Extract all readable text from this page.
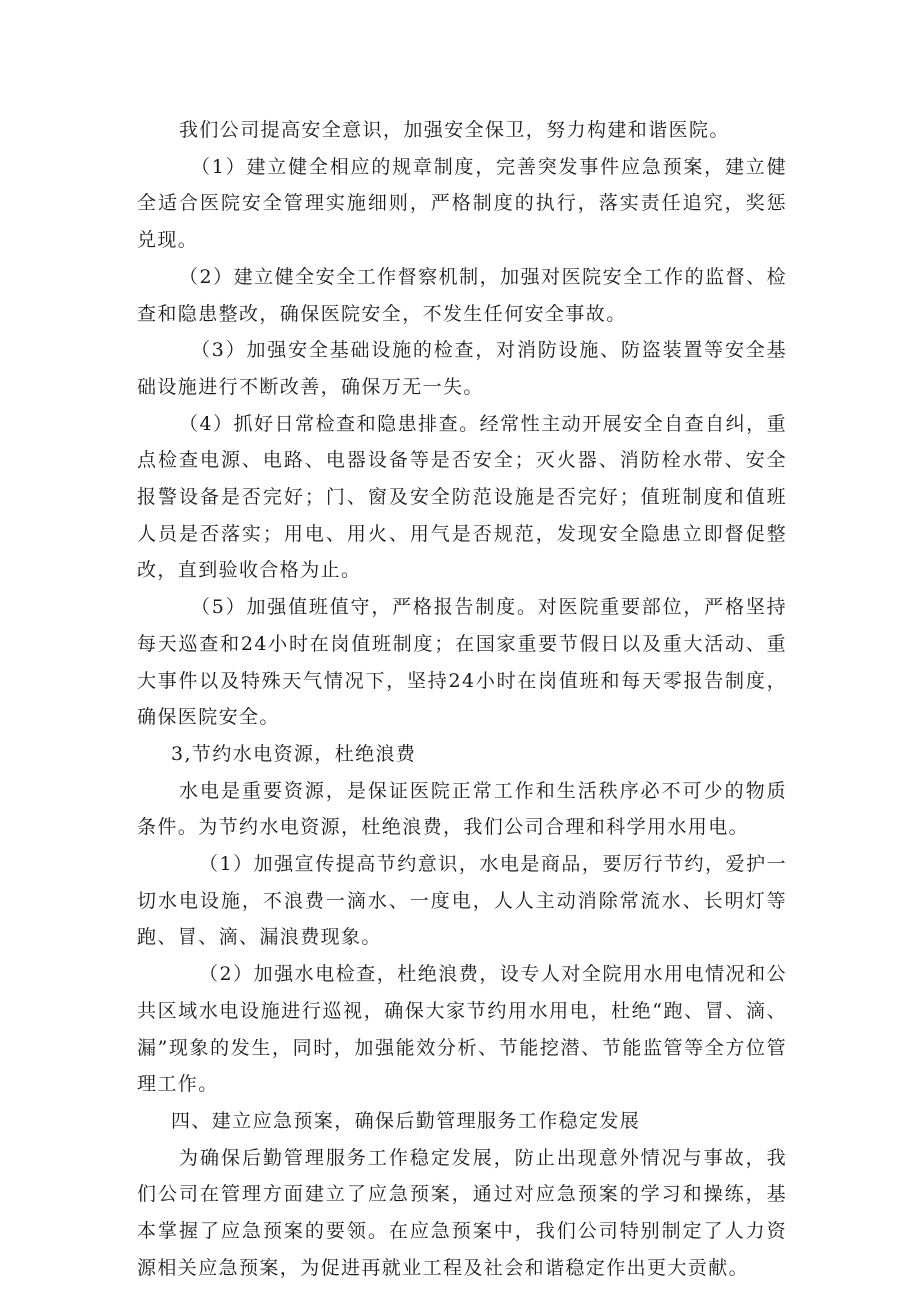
我们公司提高安全意识，加强安全保卫，努力构建和谐医院。

（1）建立健全相应的规章制度，完善突发事件应急预案，建立健全适合医院安全管理实施细则，严格制度的执行，落实责任追究，奖惩兑现。

（2）建立健全安全工作督察机制，加强对医院安全工作的监督、检查和隐患整改，确保医院安全，不发生任何安全事故。

（3）加强安全基础设施的检查，对消防设施、防盗装置等安全基础设施进行不断改善，确保万无一失。

（4）抓好日常检查和隐患排查。经常性主动开展安全自查自纠，重点检查电源、电路、电器设备等是否安全；灭火器、消防栓水带、安全报警设备是否完好；门、窗及安全防范设施是否完好；值班制度和值班人员是否落实；用电、用火、用气是否规范，发现安全隐患立即督促整改，直到验收合格为止。

（5）加强值班值守，严格报告制度。对医院重要部位，严格坚持每天巡查和24小时在岗值班制度；在国家重要节假日以及重大活动、重大事件以及特殊天气情况下，坚持24小时在岗值班和每天零报告制度，确保医院安全。

3,节约水电资源，杜绝浪费

水电是重要资源，是保证医院正常工作和生活秩序必不可少的物质条件。为节约水电资源，杜绝浪费，我们公司合理和科学用水用电。

（1）加强宣传提高节约意识，水电是商品，要厉行节约，爱护一切水电设施，不浪费一滴水、一度电，人人主动消除常流水、长明灯等跑、冒、滴、漏浪费现象。

（2）加强水电检查，杜绝浪费，设专人对全院用水用电情况和公共区域水电设施进行巡视，确保大家节约用水用电，杜绝“跑、冒、滴、漏”现象的发生，同时，加强能效分析、节能挖潜、节能监管等全方位管理工作。

四、建立应急预案，确保后勤管理服务工作稳定发展

为确保后勤管理服务工作稳定发展，防止出现意外情况与事故，我们公司在管理方面建立了应急预案，通过对应急预案的学习和操练，基本掌握了应急预案的要领。在应急预案中，我们公司特别制定了人力资源相关应急预案，为促进再就业工程及社会和谐稳定作出更大贡献。
